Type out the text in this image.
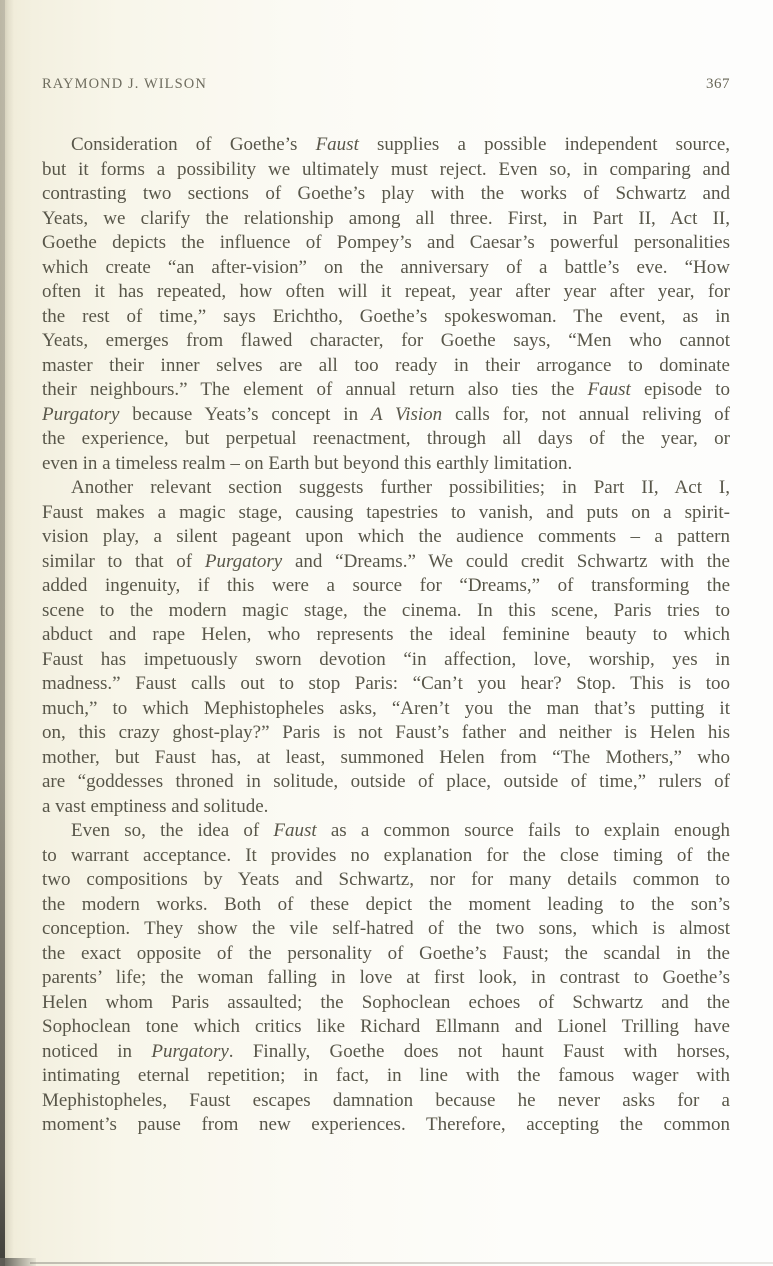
RAYMOND J. WILSON	367
Consideration of Goethe’s Faust supplies a possible independent source,
but it forms a possibility we ultimately must reject. Even so, in comparing and
contrasting two sections of Goethe’s play with the works of Schwartz and
Yeats, we clarify the relationship among all three. First, in Part II, Act II,
Goethe depicts the influence of Pompey’s and Caesar’s powerful personalities
which create “an after-vision” on the anniversary of a battle’s eve. “How
often it has repeated, how often will it repeat, year after year after year, for
the rest of time,” says Erichtho, Goethe’s spokeswoman. The event, as in
Yeats, emerges from flawed character, for Goethe says, “Men who cannot
master their inner selves are all too ready in their arrogance to dominate
their neighbours.” The element of annual return also ties the Faust episode to
Purgatory because Yeats’s concept in A Vision calls for, not annual reliving of
the experience, but perpetual reenactment, through all days of the year, or
even in a timeless realm – on Earth but beyond this earthly limitation.
Another relevant section suggests further possibilities; in Part II, Act I,
Faust makes a magic stage, causing tapestries to vanish, and puts on a spirit-
vision play, a silent pageant upon which the audience comments – a pattern
similar to that of Purgatory and “Dreams.” We could credit Schwartz with the
added ingenuity, if this were a source for “Dreams,” of transforming the
scene to the modern magic stage, the cinema. In this scene, Paris tries to
abduct and rape Helen, who represents the ideal feminine beauty to which
Faust has impetuously sworn devotion “in affection, love, worship, yes in
madness.” Faust calls out to stop Paris: “Can’t you hear? Stop. This is too
much,” to which Mephistopheles asks, “Aren’t you the man that’s putting it
on, this crazy ghost-play?” Paris is not Faust’s father and neither is Helen his
mother, but Faust has, at least, summoned Helen from “The Mothers,” who
are “goddesses throned in solitude, outside of place, outside of time,” rulers of
a vast emptiness and solitude.
Even so, the idea of Faust as a common source fails to explain enough
to warrant acceptance. It provides no explanation for the close timing of the
two compositions by Yeats and Schwartz, nor for many details common to
the modern works. Both of these depict the moment leading to the son’s
conception. They show the vile self-hatred of the two sons, which is almost
the exact opposite of the personality of Goethe’s Faust; the scandal in the
parents’ life; the woman falling in love at first look, in contrast to Goethe’s
Helen whom Paris assaulted; the Sophoclean echoes of Schwartz and the
Sophoclean tone which critics like Richard Ellmann and Lionel Trilling have
noticed in Purgatory. Finally, Goethe does not haunt Faust with horses,
intimating eternal repetition; in fact, in line with the famous wager with
Mephistopheles, Faust escapes damnation because he never asks for a
moment’s pause from new experiences. Therefore, accepting the common
